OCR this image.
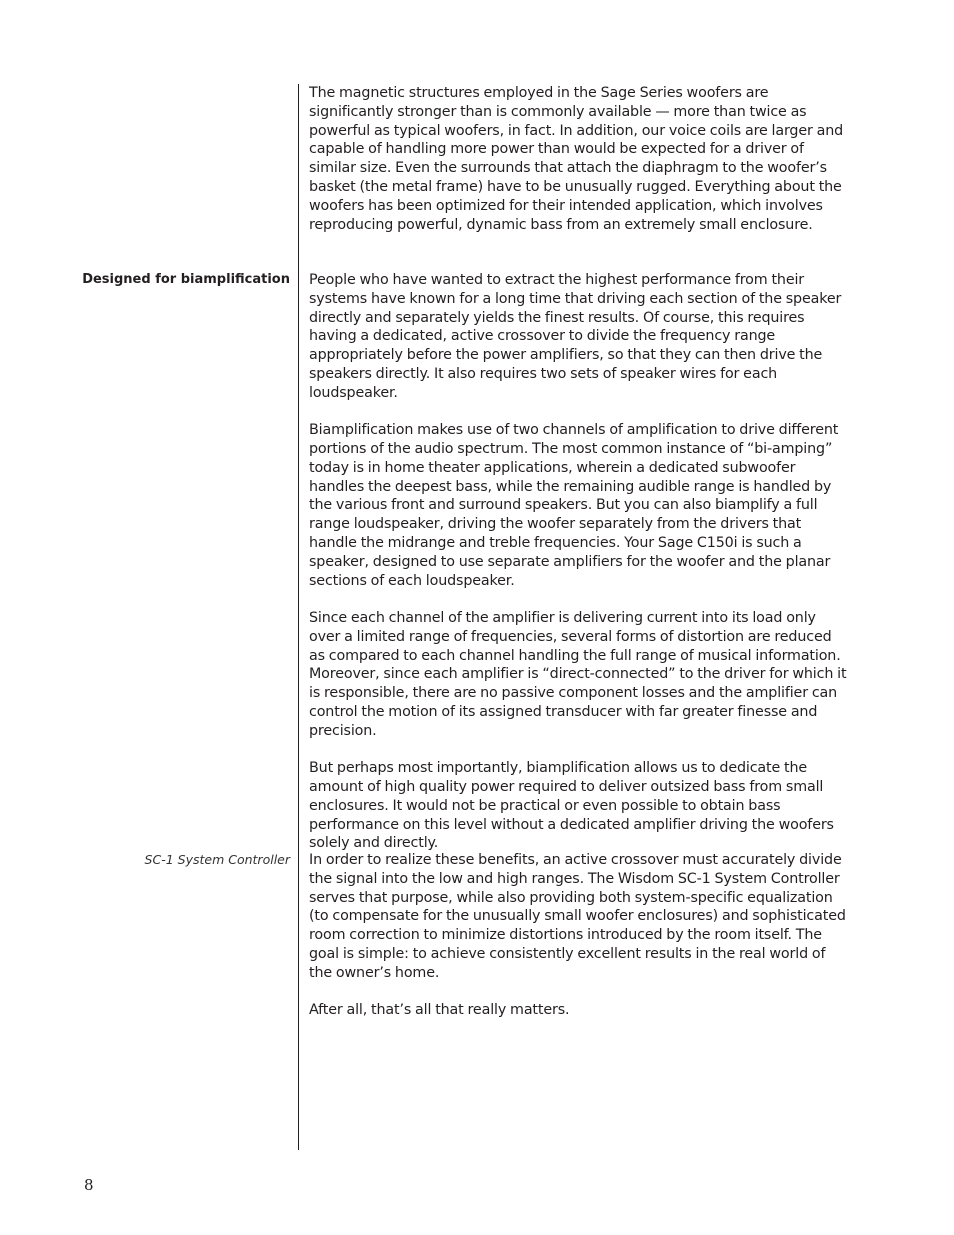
The magnetic structures employed in the Sage Series woofers are significantly stronger than is commonly available — more than twice as powerful as typical woofers, in fact. In addition, our voice coils are larger and capable of handling more power than would be expected for a driver of similar size. Even the surrounds that attach the diaphragm to the woofer’s basket (the metal frame) have to be unusually rugged. Everything about the woofers has been optimized for their intended application, which involves reproducing powerful, dynamic bass from an extremely small enclosure.

Designed for biamplification People who have wanted to extract the highest performance from their systems have known for a long time that driving each section of the speaker directly and separately yields the finest results. Of course, this requires having a dedicated, active crossover to divide the frequency range appropriately before the power amplifiers, so that they can then drive the speakers directly. It also requires two sets of speaker wires for each loudspeaker.

Biamplification makes use of two channels of amplification to drive different portions of the audio spectrum. The most common instance of “bi-amping” today is in home theater applications, wherein a dedicated subwoofer handles the deepest bass, while the remaining audible range is handled by the various front and surround speakers. But you can also biamplify a full range loudspeaker, driving the woofer separately from the drivers that handle the midrange and treble frequencies. Your Sage C150i is such a speaker, designed to use separate amplifiers for the woofer and the planar sections of each loudspeaker.

Since each channel of the amplifier is delivering current into its load only over a limited range of frequencies, several forms of distortion are reduced as compared to each channel handling the full range of musical information. Moreover, since each amplifier is “direct-connected” to the driver for which it is responsible, there are no passive component losses and the amplifier can control the motion of its assigned transducer with far greater finesse and precision.

But perhaps most importantly, biamplification allows us to dedicate the amount of high quality power required to deliver outsized bass from small enclosures. It would not be practical or even possible to obtain bass performance on this level without a dedicated amplifier driving the woofers solely and directly.

SC-1 System Controller In order to realize these benefits, an active crossover must accurately divide the signal into the low and high ranges. The Wisdom SC-1 System Controller serves that purpose, while also providing both system-specific equalization (to compensate for the unusually small woofer enclosures) and sophisticated room correction to minimize distortions introduced by the room itself. The goal is simple: to achieve consistently excellent results in the real world of the owner’s home.

After all, that’s all that really matters.

8
